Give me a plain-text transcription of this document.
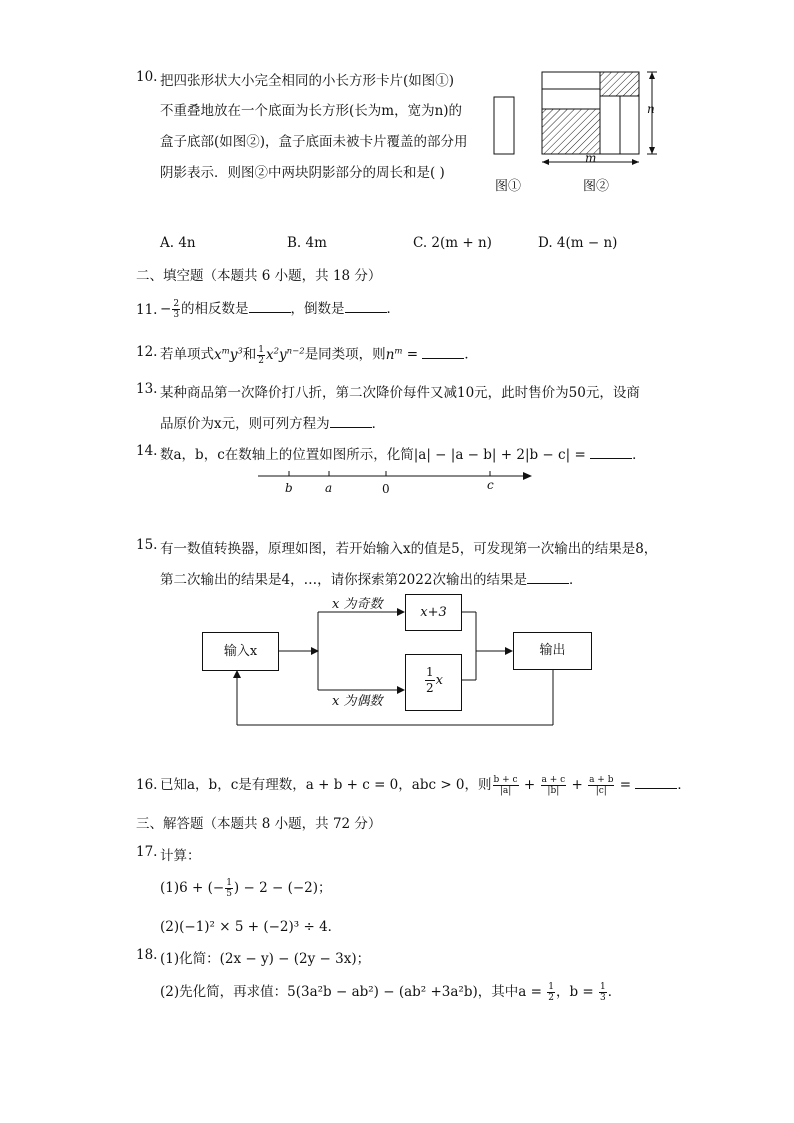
10. 把四张形状大小完全相同的小长方形卡片(如图①)
不重叠地放在一个底面为长方形(长为m，宽为n)的
盒子底部(如图②)，盒子底面未被卡片覆盖的部分用
阴影表示．则图②中两块阴影部分的周长和是( )
n
m
图①	图②
A. 4n	B. 4m	C. 2(m + n)	D. 4(m − n)
二、填空题（本题共 6 小题，共 18 分）
11. − $\frac{2}{3}$ 的相反数是	，倒数是	．
12. 若单项式$x^my^3$和 $\frac{1}{2} x^2y^{n-2}$是同类项，则$n^m$ =	．
13. 某种商品第一次降价打八折，第二次降价每件又减10元，此时售价为50元，设商
品原价为x元，则可列方程为	．
14. 数a，b，c在数轴上的位置如图所示，化简|a| − |a − b| + 2|b − c| =	．
b	a	0	c
15. 有一数值转换器，原理如图，若开始输入x的值是5，可发现第一次输出的结果是8，
第二次输出的结果是4，…，请你探索第2022次输出的结果是	．
输入x
x 为奇数
x 为偶数
x+3
$\frac{1}{2}$ x
输出
16. 已知a，b，c是有理数，a + b + c = 0，abc > 0，则 $\frac{b + c}{|a|} + \frac{a + c}{|b|} + \frac{a + b}{|c|}$ =	．
三、解答题（本题共 8 小题，共 72 分）
17. 计算：
(1)6 + (− $\frac{1}{5}$ ) − 2 − (−2)；
(2)(−1)² × 5 + (−2)³ ÷ 4．
18. (1)化简：(2x − y) − (2y − 3x)；
(2)先化简，再求值：5(3a²b − ab²) − (ab² +3a²b)，其中$a = \frac{1}{2}$ ，$b = \frac{1}{3}$ ．
